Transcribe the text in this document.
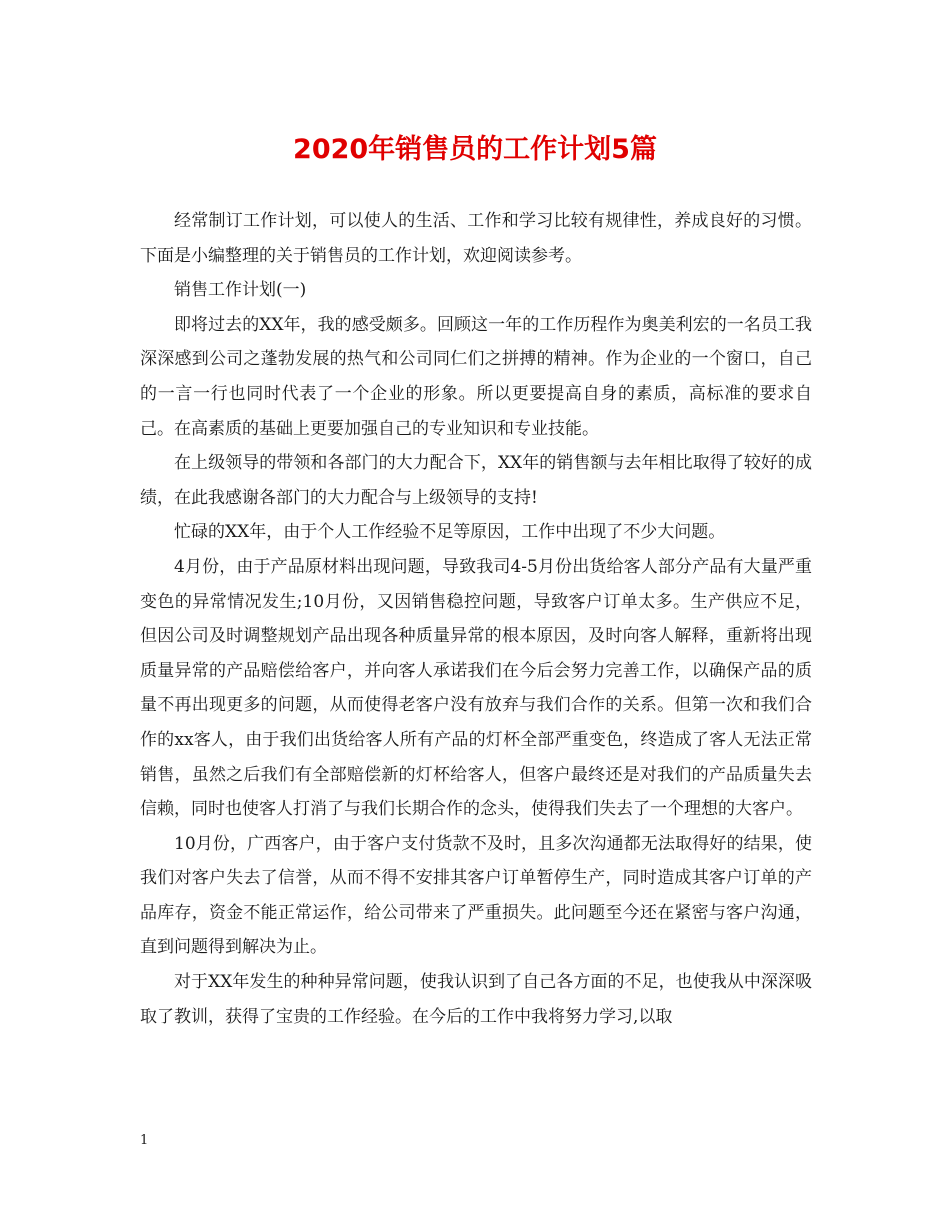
2020年销售员的工作计划5篇

经常制订工作计划，可以使人的生活、工作和学习比较有规律性，养成良好的习惯。下面是小编整理的关于销售员的工作计划，欢迎阅读参考。

销售工作计划(一)

即将过去的XX年，我的感受颇多。回顾这一年的工作历程作为奥美利宏的一名员工我深深感到公司之蓬勃发展的热气和公司同仁们之拼搏的精神。作为企业的一个窗口，自己的一言一行也同时代表了一个企业的形象。所以更要提高自身的素质，高标准的要求自己。在高素质的基础上更要加强自己的专业知识和专业技能。

在上级领导的带领和各部门的大力配合下，XX年的销售额与去年相比取得了较好的成绩，在此我感谢各部门的大力配合与上级领导的支持!

忙碌的XX年，由于个人工作经验不足等原因，工作中出现了不少大问题。

4月份，由于产品原材料出现问题，导致我司4-5月份出货给客人部分产品有大量严重变色的异常情况发生;10月份，又因销售稳控问题，导致客户订单太多。生产供应不足，但因公司及时调整规划产品出现各种质量异常的根本原因，及时向客人解释，重新将出现质量异常的产品赔偿给客户，并向客人承诺我们在今后会努力完善工作，以确保产品的质量不再出现更多的问题，从而使得老客户没有放弃与我们合作的关系。但第一次和我们合作的xx客人，由于我们出货给客人所有产品的灯杯全部严重变色，终造成了客人无法正常销售，虽然之后我们有全部赔偿新的灯杯给客人，但客户最终还是对我们的产品质量失去信赖，同时也使客人打消了与我们长期合作的念头，使得我们失去了一个理想的大客户。

10月份，广西客户，由于客户支付货款不及时，且多次沟通都无法取得好的结果，使我们对客户失去了信誉，从而不得不安排其客户订单暂停生产，同时造成其客户订单的产品库存，资金不能正常运作，给公司带来了严重损失。此问题至今还在紧密与客户沟通，直到问题得到解决为止。

对于XX年发生的种种异常问题，使我认识到了自己各方面的不足，也使我从中深深吸取了教训，获得了宝贵的工作经验。在今后的工作中我将努力学习,以取

1
